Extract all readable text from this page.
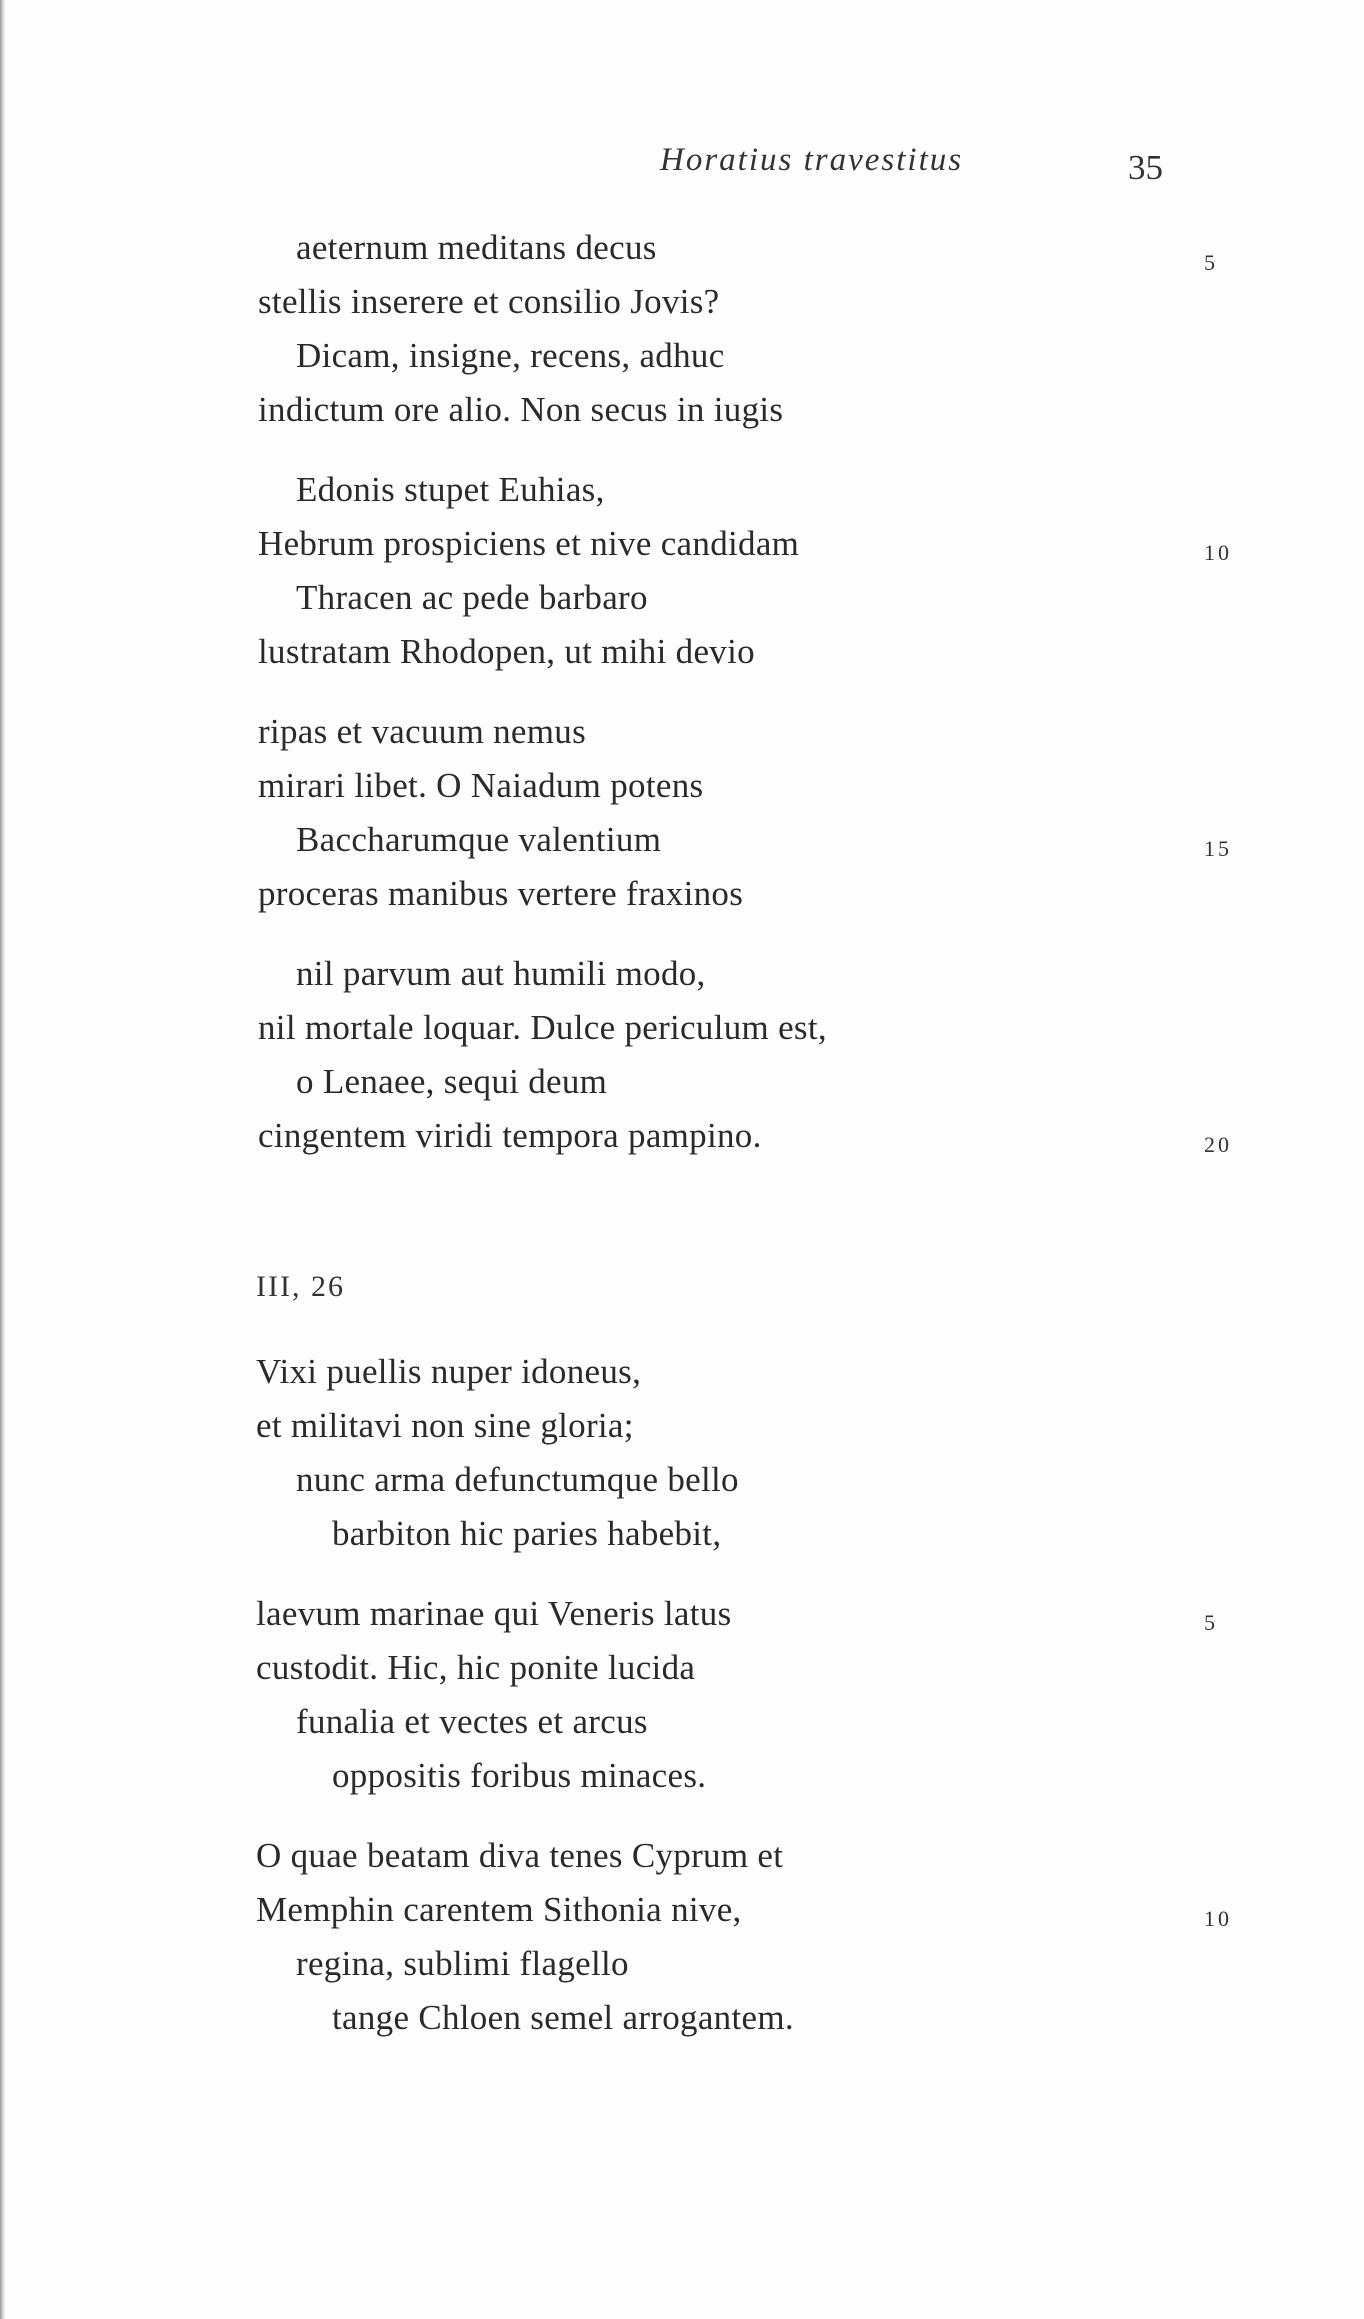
Horatius travestitus	35
aeternum meditans decus
stellis inserere et consilio Jovis?
Dicam, insigne, recens, adhuc
indictum ore alio. Non secus in iugis
Edonis stupet Euhias,
Hebrum prospiciens et nive candidam
Thracen ac pede barbaro
lustratam Rhodopen, ut mihi devio
ripas et vacuum nemus
mirari libet. O Naiadum potens
Baccharumque valentium
proceras manibus vertere fraxinos
nil parvum aut humili modo,
nil mortale loquar. Dulce periculum est,
o Lenaee, sequi deum
cingentem viridi tempora pampino.
5
10
15
20
III, 26
Vixi puellis nuper idoneus,
et militavi non sine gloria;
nunc arma defunctumque bello
barbiton hic paries habebit,
laevum marinae qui Veneris latus
custodit. Hic, hic ponite lucida
funalia et vectes et arcus
oppositis foribus minaces.
O quae beatam diva tenes Cyprum et
Memphin carentem Sithonia nive,
regina, sublimi flagello
tange Chloen semel arrogantem.
5
10
